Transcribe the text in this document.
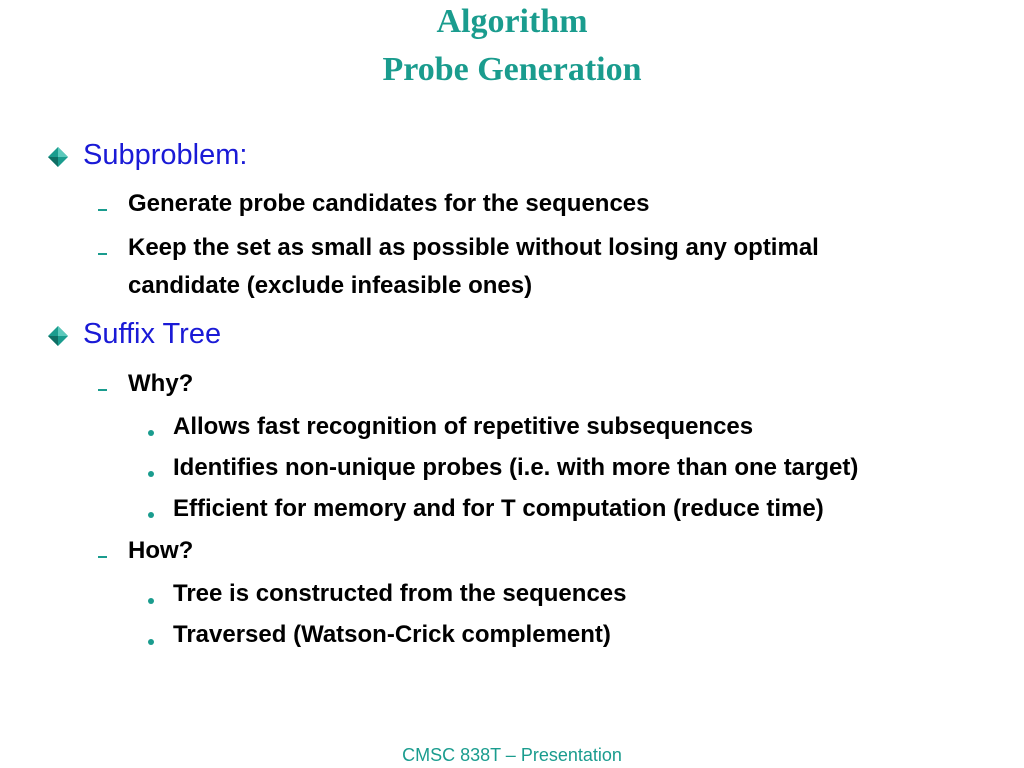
Algorithm
Probe Generation
Subproblem:
Generate probe candidates for the sequences
Keep the set as small as possible without losing any optimal
candidate (exclude infeasible ones)
Suffix Tree
Why?
Allows fast recognition of repetitive subsequences
Identifies non-unique probes (i.e. with more than one target)
Efficient for memory and for T computation (reduce time)
How?
Tree is constructed from the sequences
Traversed (Watson-Crick complement)
CMSC 838T – Presentation
